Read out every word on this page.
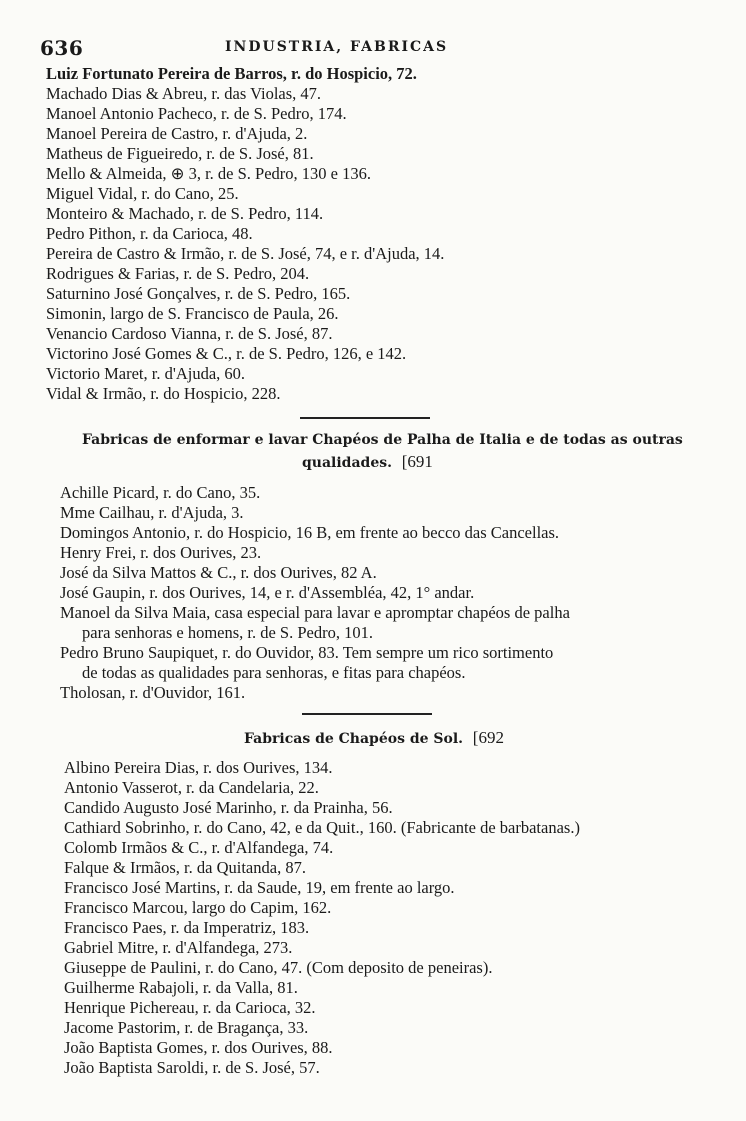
636	INDUSTRIA, FABRICAS
Luiz Fortunato Pereira de Barros, r. do Hospicio, 72.
Machado Dias & Abreu, r. das Violas, 47.
Manoel Antonio Pacheco, r. de S. Pedro, 174.
Manoel Pereira de Castro, r. d'Ajuda, 2.
Matheus de Figueiredo, r. de S. José, 81.
Mello & Almeida, ⊕ 3, r. de S. Pedro, 130 e 136.
Miguel Vidal, r. do Cano, 25.
Monteiro & Machado, r. de S. Pedro, 114.
Pedro Pithon, r. da Carioca, 48.
Pereira de Castro & Irmão, r. de S. José, 74, e r. d'Ajuda, 14.
Rodrigues & Farias, r. de S. Pedro, 204.
Saturnino José Gonçalves, r. de S. Pedro, 165.
Simonin, largo de S. Francisco de Paula, 26.
Venancio Cardoso Vianna, r. de S. José, 87.
Victorino José Gomes & C., r. de S. Pedro, 126, e 142.
Victorio Maret, r. d'Ajuda, 60.
Vidal & Irmão, r. do Hospicio, 228.
Fabricas de enformar e lavar Chapéos de Palha de Italia e de todas as outras
qualidades. [691
Achille Picard, r. do Cano, 35.
Mme Cailhau, r. d'Ajuda, 3.
Domingos Antonio, r. do Hospicio, 16 B, em frente ao becco das Cancellas.
Henry Frei, r. dos Ourives, 23.
José da Silva Mattos & C., r. dos Ourives, 82 A.
José Gaupin, r. dos Ourives, 14, e r. d'Assembléa, 42, 1° andar.
Manoel da Silva Maia, casa especial para lavar e apromptar chapéos de palha
para senhoras e homens, r. de S. Pedro, 101.
Pedro Bruno Saupiquet, r. do Ouvidor, 83. Tem sempre um rico sortimento
de todas as qualidades para senhoras, e fitas para chapéos.
Tholosan, r. d'Ouvidor, 161.
Fabricas de Chapéos de Sol. [692
Albino Pereira Dias, r. dos Ourives, 134.
Antonio Vasserot, r. da Candelaria, 22.
Candido Augusto José Marinho, r. da Prainha, 56.
Cathiard Sobrinho, r. do Cano, 42, e da Quit., 160. (Fabricante de barbatanas.)
Colomb Irmãos & C., r. d'Alfandega, 74.
Falque & Irmãos, r. da Quitanda, 87.
Francisco José Martins, r. da Saude, 19, em frente ao largo.
Francisco Marcou, largo do Capim, 162.
Francisco Paes, r. da Imperatriz, 183.
Gabriel Mitre, r. d'Alfandega, 273.
Giuseppe de Paulini, r. do Cano, 47. (Com deposito de peneiras).
Guilherme Rabajoli, r. da Valla, 81.
Henrique Pichereau, r. da Carioca, 32.
Jacome Pastorim, r. de Bragança, 33.
João Baptista Gomes, r. dos Ourives, 88.
João Baptista Saroldi, r. de S. José, 57.
